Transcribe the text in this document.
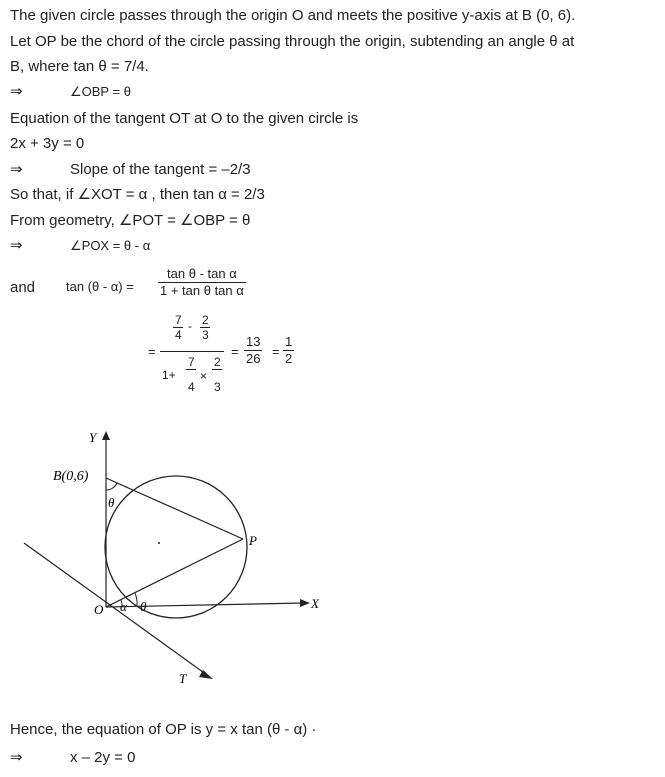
The given circle passes through the origin O and meets the positive y-axis at B (0, 6).
Let OP be the chord of the circle passing through the origin, subtending an angle θ at
B, where tan θ = 7/4.
⇒	∠OBP = θ
Equation of the tangent OT at O to the given circle is
2x + 3y = 0
⇒	Slope of the tangent = –2/3
So that, if ∠XOT = α , then tan α = 2/3
From geometry, ∠POT = ∠OBP = θ
⇒	∠POX = θ - α
and $\tan (\theta - \alpha) = \frac{\text{tan θ - tan α}}{\text{1 + tan θ tan α}}$
=
7 - 2
4 3
7 2
1+ ×
4 3
= $\frac{13}{26} = \frac{1}{2}$
Y
B(0,6)
θ
P
O α θ	X
T
Hence, the equation of OP is y = x tan (θ - α) ·
⇒	x – 2y = 0
